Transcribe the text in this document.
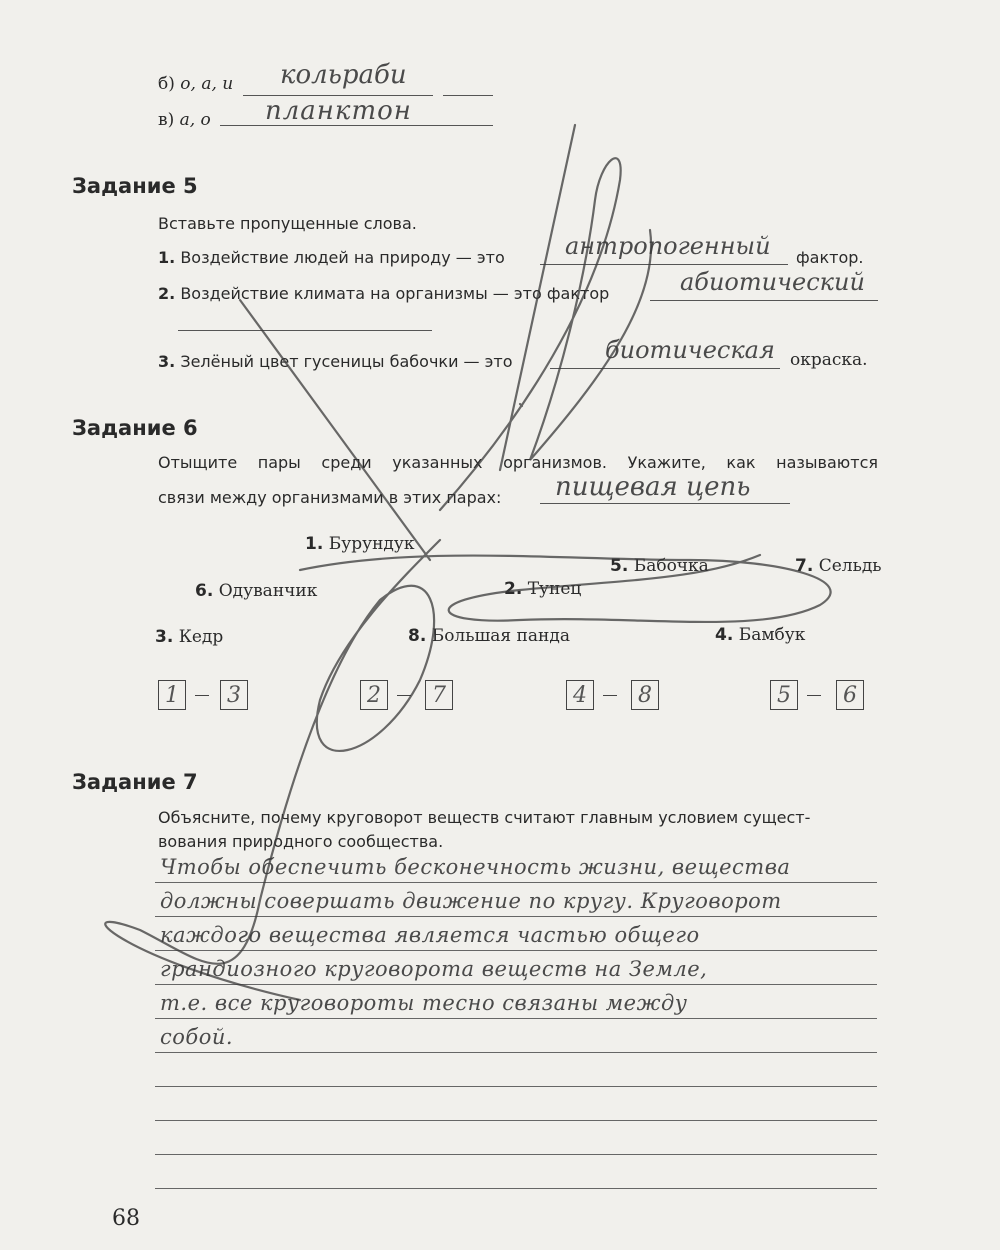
б) о, а, и кольраби
в) а, о планктон
Задание 5
Вставьте пропущенные слова.
1. Воздействие людей на природу — это	антропогенный фактор.
2. Воздействие климата на организмы — это фактор	абиотический
3. Зелёный цвет гусеницы бабочки — это	биотическая окраска.
Задание 6
Отыщите пары среди указанных организмов. Укажите, как называются
связи между организмами в этих парах: пищевая цепь
1. Бурундук
6. Одуванчик	2. Тунец
5. Бабочка	7. Сельдь
3. Кедр	8. Большая панда	4. Бамбук
1	3	2	7	4	8	5	6
Задание 7
Объясните, почему круговорот веществ считают главным условием сущест-
вования природного сообщества.
Чтобы обеспечить бесконечность жизни, вещества
должны совершать движение по кругу. Круговорот
каждого вещества является частью общего
грандиозного круговорота веществ на Земле,
т.е. все круговороты тесно связаны между
собой.
68
